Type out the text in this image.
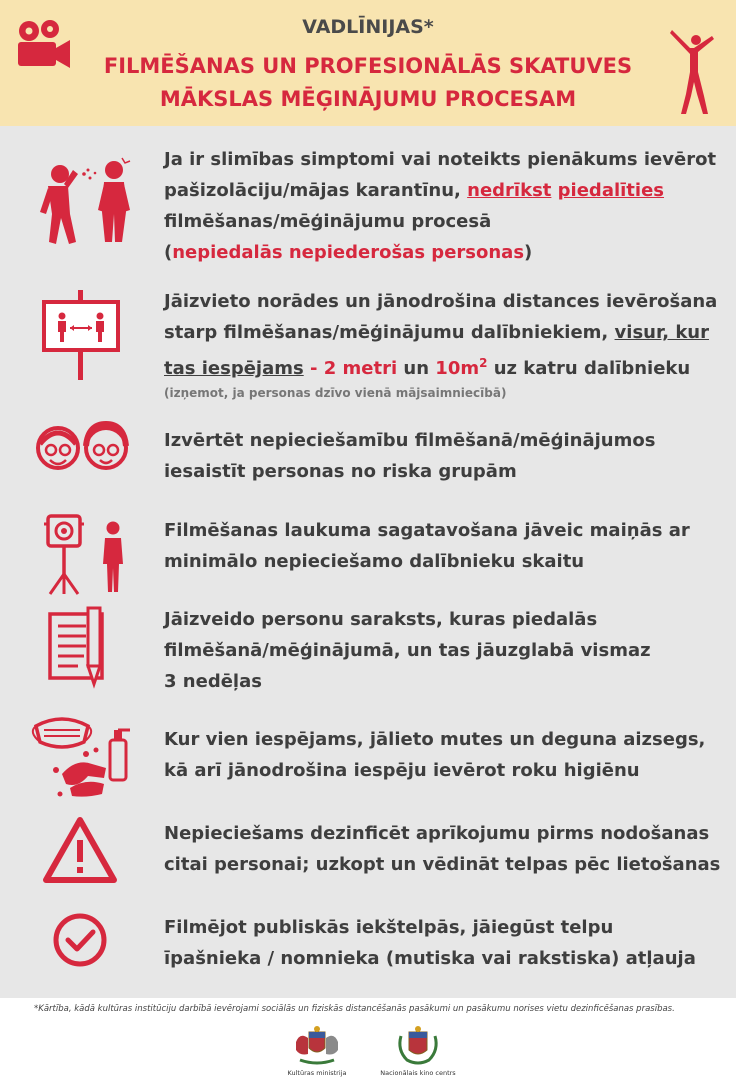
VADLĪNIJAS*
FILMĒŠANAS UN PROFESIONĀLĀS SKATUVES
MĀKSLAS MĒĢINĀJUMU PROCESAM
Ja ir slimības simptomi vai noteikts pienākums ievērot
pašizolāciju/mājas karantīnu, nedrīkst piedalīties
filmēšanas/mēģinājumu procesā
(nepiedalās nepiederošas personas)
Jāizvieto norādes un jānodrošina distances ievērošana
starp filmēšanas/mēģinājumu dalībniekiem, visur, kur
tas iespējams - 2 metri un $10m^2$ uz katru dalībnieku
(izņemot, ja personas dzīvo vienā mājsaimniecībā)
Izvērtēt nepieciešamību filmēšanā/mēģinājumos
iesaistīt personas no riska grupām
Filmēšanas laukuma sagatavošana jāveic maiņās ar
minimālo nepieciešamo dalībnieku skaitu
Jāizveido personu saraksts, kuras piedalās
filmēšanā/mēģinājumā, un tas jāuzglabā vismaz
3 nedēļas
Kur vien iespējams, jālieto mutes un deguna aizsegs,
kā arī jānodrošina iespēju ievērot roku higiēnu
Nepieciešams dezinficēt aprīkojumu pirms nodošanas
citai personai; uzkopt un vēdināt telpas pēc lietošanas
Filmējot publiskās iekštelpās, jāiegūst telpu
īpašnieka / nomnieka (mutiska vai rakstiska) atļauja
*Kārtība, kādā kultūras institūciju darbībā ievērojami sociālās un fiziskās distancēšanās pasākumi un pasākumu norises vietu dezinficēšanas prasības.
Kultūras ministrija	Nacionālais kino centrs
